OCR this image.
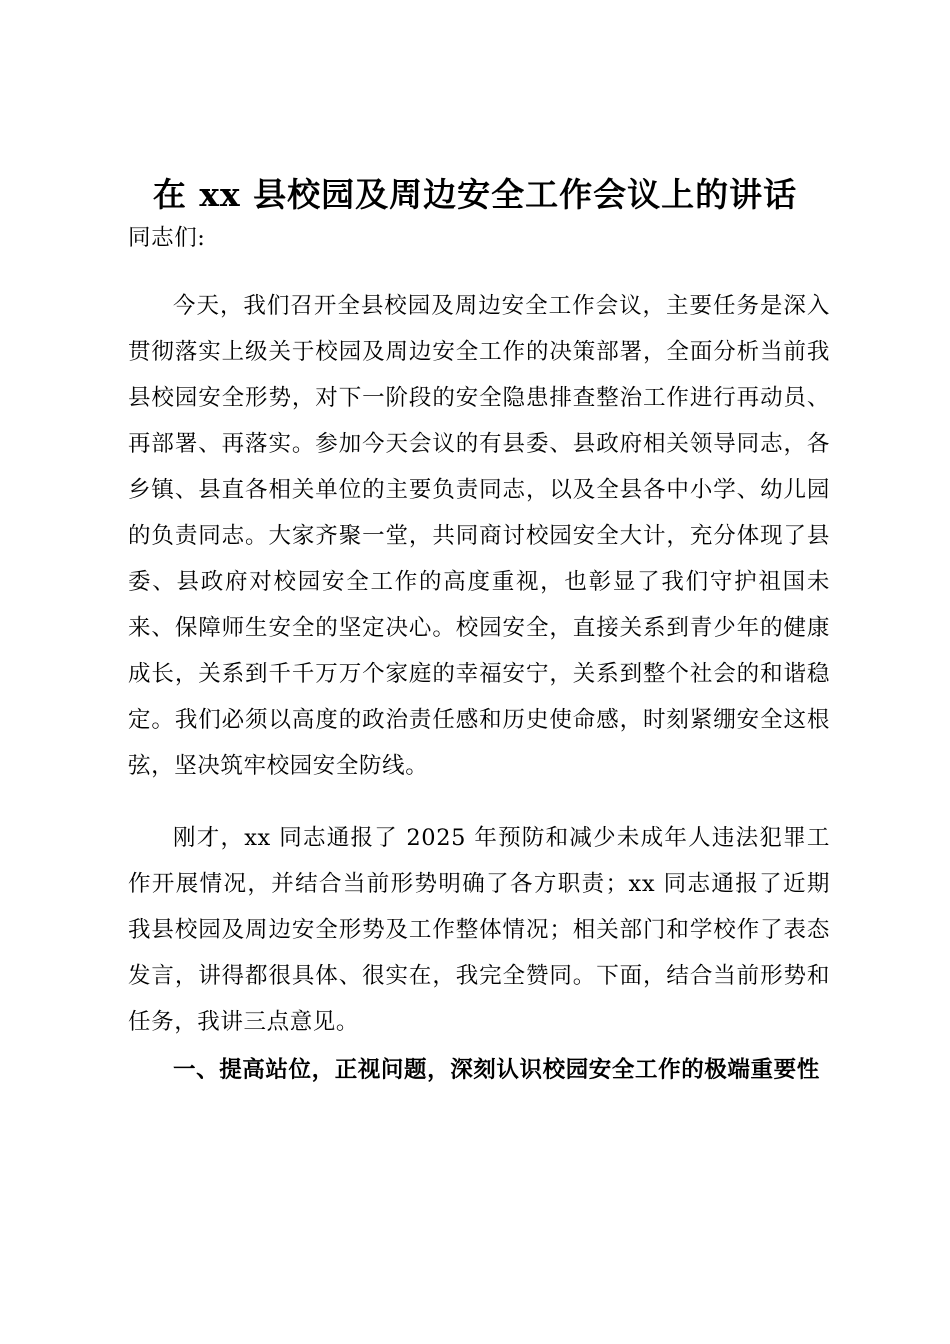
在 xx 县校园及周边安全工作会议上的讲话
同志们:

今天，我们召开全县校园及周边安全工作会议，主要任务是深入贯彻落实上级关于校园及周边安全工作的决策部署，全面分析当前我县校园安全形势，对下一阶段的安全隐患排查整治工作进行再动员、再部署、再落实。参加今天会议的有县委、县政府相关领导同志，各乡镇、县直各相关单位的主要负责同志，以及全县各中小学、幼儿园的负责同志。大家齐聚一堂，共同商讨校园安全大计，充分体现了县委、县政府对校园安全工作的高度重视，也彰显了我们守护祖国未来、保障师生安全的坚定决心。校园安全，直接关系到青少年的健康成长，关系到千千万万个家庭的幸福安宁，关系到整个社会的和谐稳定。我们必须以高度的政治责任感和历史使命感，时刻紧绷安全这根弦，坚决筑牢校园安全防线。

刚才，xx 同志通报了 2025 年预防和减少未成年人违法犯罪工作开展情况，并结合当前形势明确了各方职责；xx 同志通报了近期我县校园及周边安全形势及工作整体情况；相关部门和学校作了表态发言，讲得都很具体、很实在，我完全赞同。下面，结合当前形势和任务，我讲三点意见。

一、提高站位，正视问题，深刻认识校园安全工作的极端重要性
